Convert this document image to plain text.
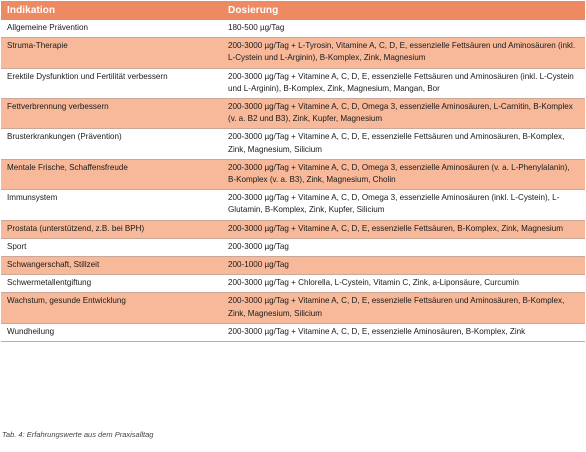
Indikation	Dosierung
Allgemeine Prävention	180-500 µg/Tag
Struma-Therapie	200-3000 µg/Tag + L-Tyrosin, Vitamine A, C, D, E, essenzielle Fettsäuren und Aminosäuren (inkl. L-Cystein und L-Arginin), B-Komplex, Zink, Magnesium
Erektile Dysfunktion und Fertilität verbessern	200-3000 µg/Tag + Vitamine A, C, D, E, essenzielle Fettsäuren und Aminosäuren (inkl. L-Cystein und L-Arginin), B-Komplex, Zink, Magnesium, Mangan, Bor
Fettverbrennung verbessern	200-3000 µg/Tag + Vitamine A, C, D, Omega 3, essenzielle Aminosäuren, L-Carnitin, B-Komplex (v. a. B2 und B3), Zink, Kupfer, Magnesium
Brusterkrankungen (Prävention)	200-3000 µg/Tag + Vitamine A, C, D, E, essenzielle Fettsäuren und Aminosäuren, B-Komplex, Zink, Magnesium, Silicium
Mentale Frische, Schaffensfreude	200-3000 µg/Tag + Vitamine A, C, D, Omega 3, essenzielle Aminosäuren (v. a. L-Phenylalanin), B-Komplex (v. a. B3), Zink, Magnesium, Cholin
Immunsystem	200-3000 µg/Tag + Vitamine A, C, D, Omega 3, essenzielle Aminosäuren (inkl. L-Cystein), L-Glutamin, B-Komplex, Zink, Kupfer, Silicium
Prostata (unterstützend, z.B. bei BPH)	200-3000 µg/Tag + Vitamine A, C, D, E, essenzielle Fettsäuren, B-Komplex, Zink, Magnesium
Sport	200-3000 µg/Tag
Schwangerschaft, Stillzeit	200-1000 µg/Tag
Schwermetallentgiftung	200-3000 µg/Tag + Chlorella, L-Cystein, Vitamin C, Zink, a-Liponsäure, Curcumin
Wachstum, gesunde Entwicklung	200-3000 µg/Tag + Vitamine A, C, D, E, essenzielle Fettsäuren und Aminosäuren, B-Komplex, Zink, Magnesium, Silicium
Wundheilung	200-3000 µg/Tag + Vitamine A, C, D, E, essenzielle Aminosäuren, B-Komplex, Zink
Tab. 4: Erfahrungswerte aus dem Praxisalltag
